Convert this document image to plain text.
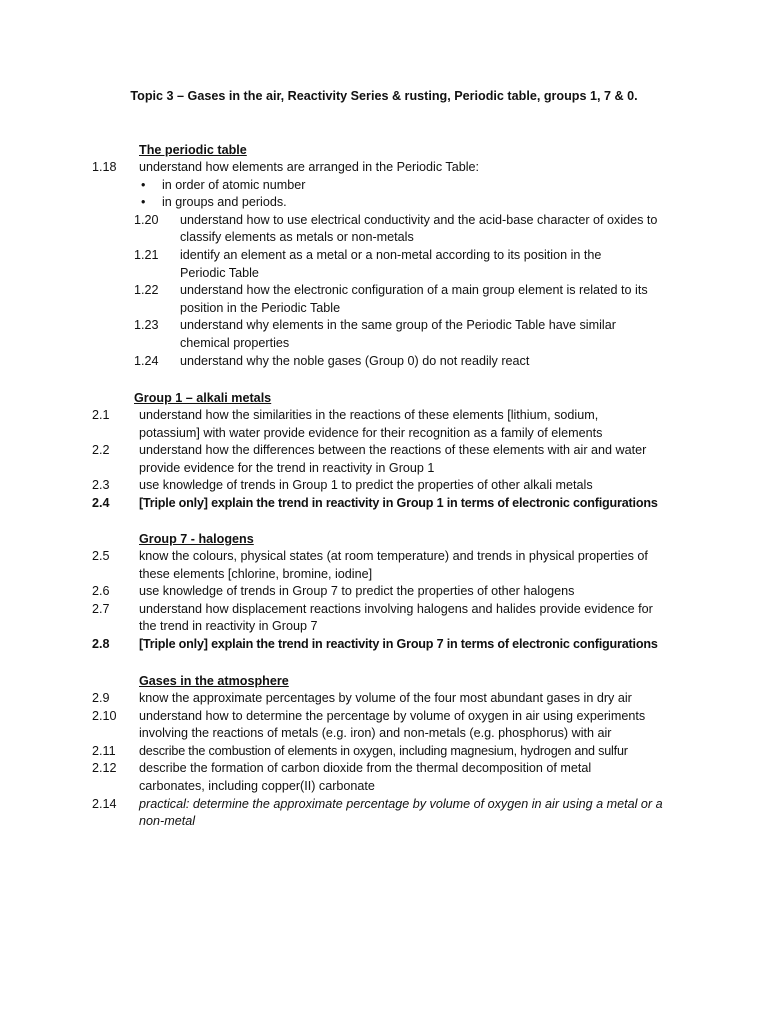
Topic 3 – Gases in the air, Reactivity Series & rusting, Periodic table, groups 1, 7 & 0.
The periodic table
1.18 understand how elements are arranged in the Periodic Table:
• in order of atomic number
• in groups and periods.
1.20 understand how to use electrical conductivity and the acid-base character of oxides to classify elements as metals or non-metals
1.21 identify an element as a metal or a non-metal according to its position in the Periodic Table
1.22 understand how the electronic configuration of a main group element is related to its position in the Periodic Table
1.23 understand why elements in the same group of the Periodic Table have similar chemical properties
1.24 understand why the noble gases (Group 0) do not readily react
Group 1 – alkali metals
2.1 understand how the similarities in the reactions of these elements [lithium, sodium, potassium] with water provide evidence for their recognition as a family of elements
2.2 understand how the differences between the reactions of these elements with air and water provide evidence for the trend in reactivity in Group 1
2.3 use knowledge of trends in Group 1 to predict the properties of other alkali metals
2.4 [Triple only] explain the trend in reactivity in Group 1 in terms of electronic configurations
Group 7 - halogens
2.5 know the colours, physical states (at room temperature) and trends in physical properties of these elements [chlorine, bromine, iodine]
2.6 use knowledge of trends in Group 7 to predict the properties of other halogens
2.7 understand how displacement reactions involving halogens and halides provide evidence for the trend in reactivity in Group 7
2.8 [Triple only] explain the trend in reactivity in Group 7 in terms of electronic configurations
Gases in the atmosphere
2.9 know the approximate percentages by volume of the four most abundant gases in dry air
2.10 understand how to determine the percentage by volume of oxygen in air using experiments involving the reactions of metals (e.g. iron) and non-metals (e.g. phosphorus) with air
2.11 describe the combustion of elements in oxygen, including magnesium, hydrogen and sulfur
2.12 describe the formation of carbon dioxide from the thermal decomposition of metal carbonates, including copper(II) carbonate
2.14 practical: determine the approximate percentage by volume of oxygen in air using a metal or a non-metal
